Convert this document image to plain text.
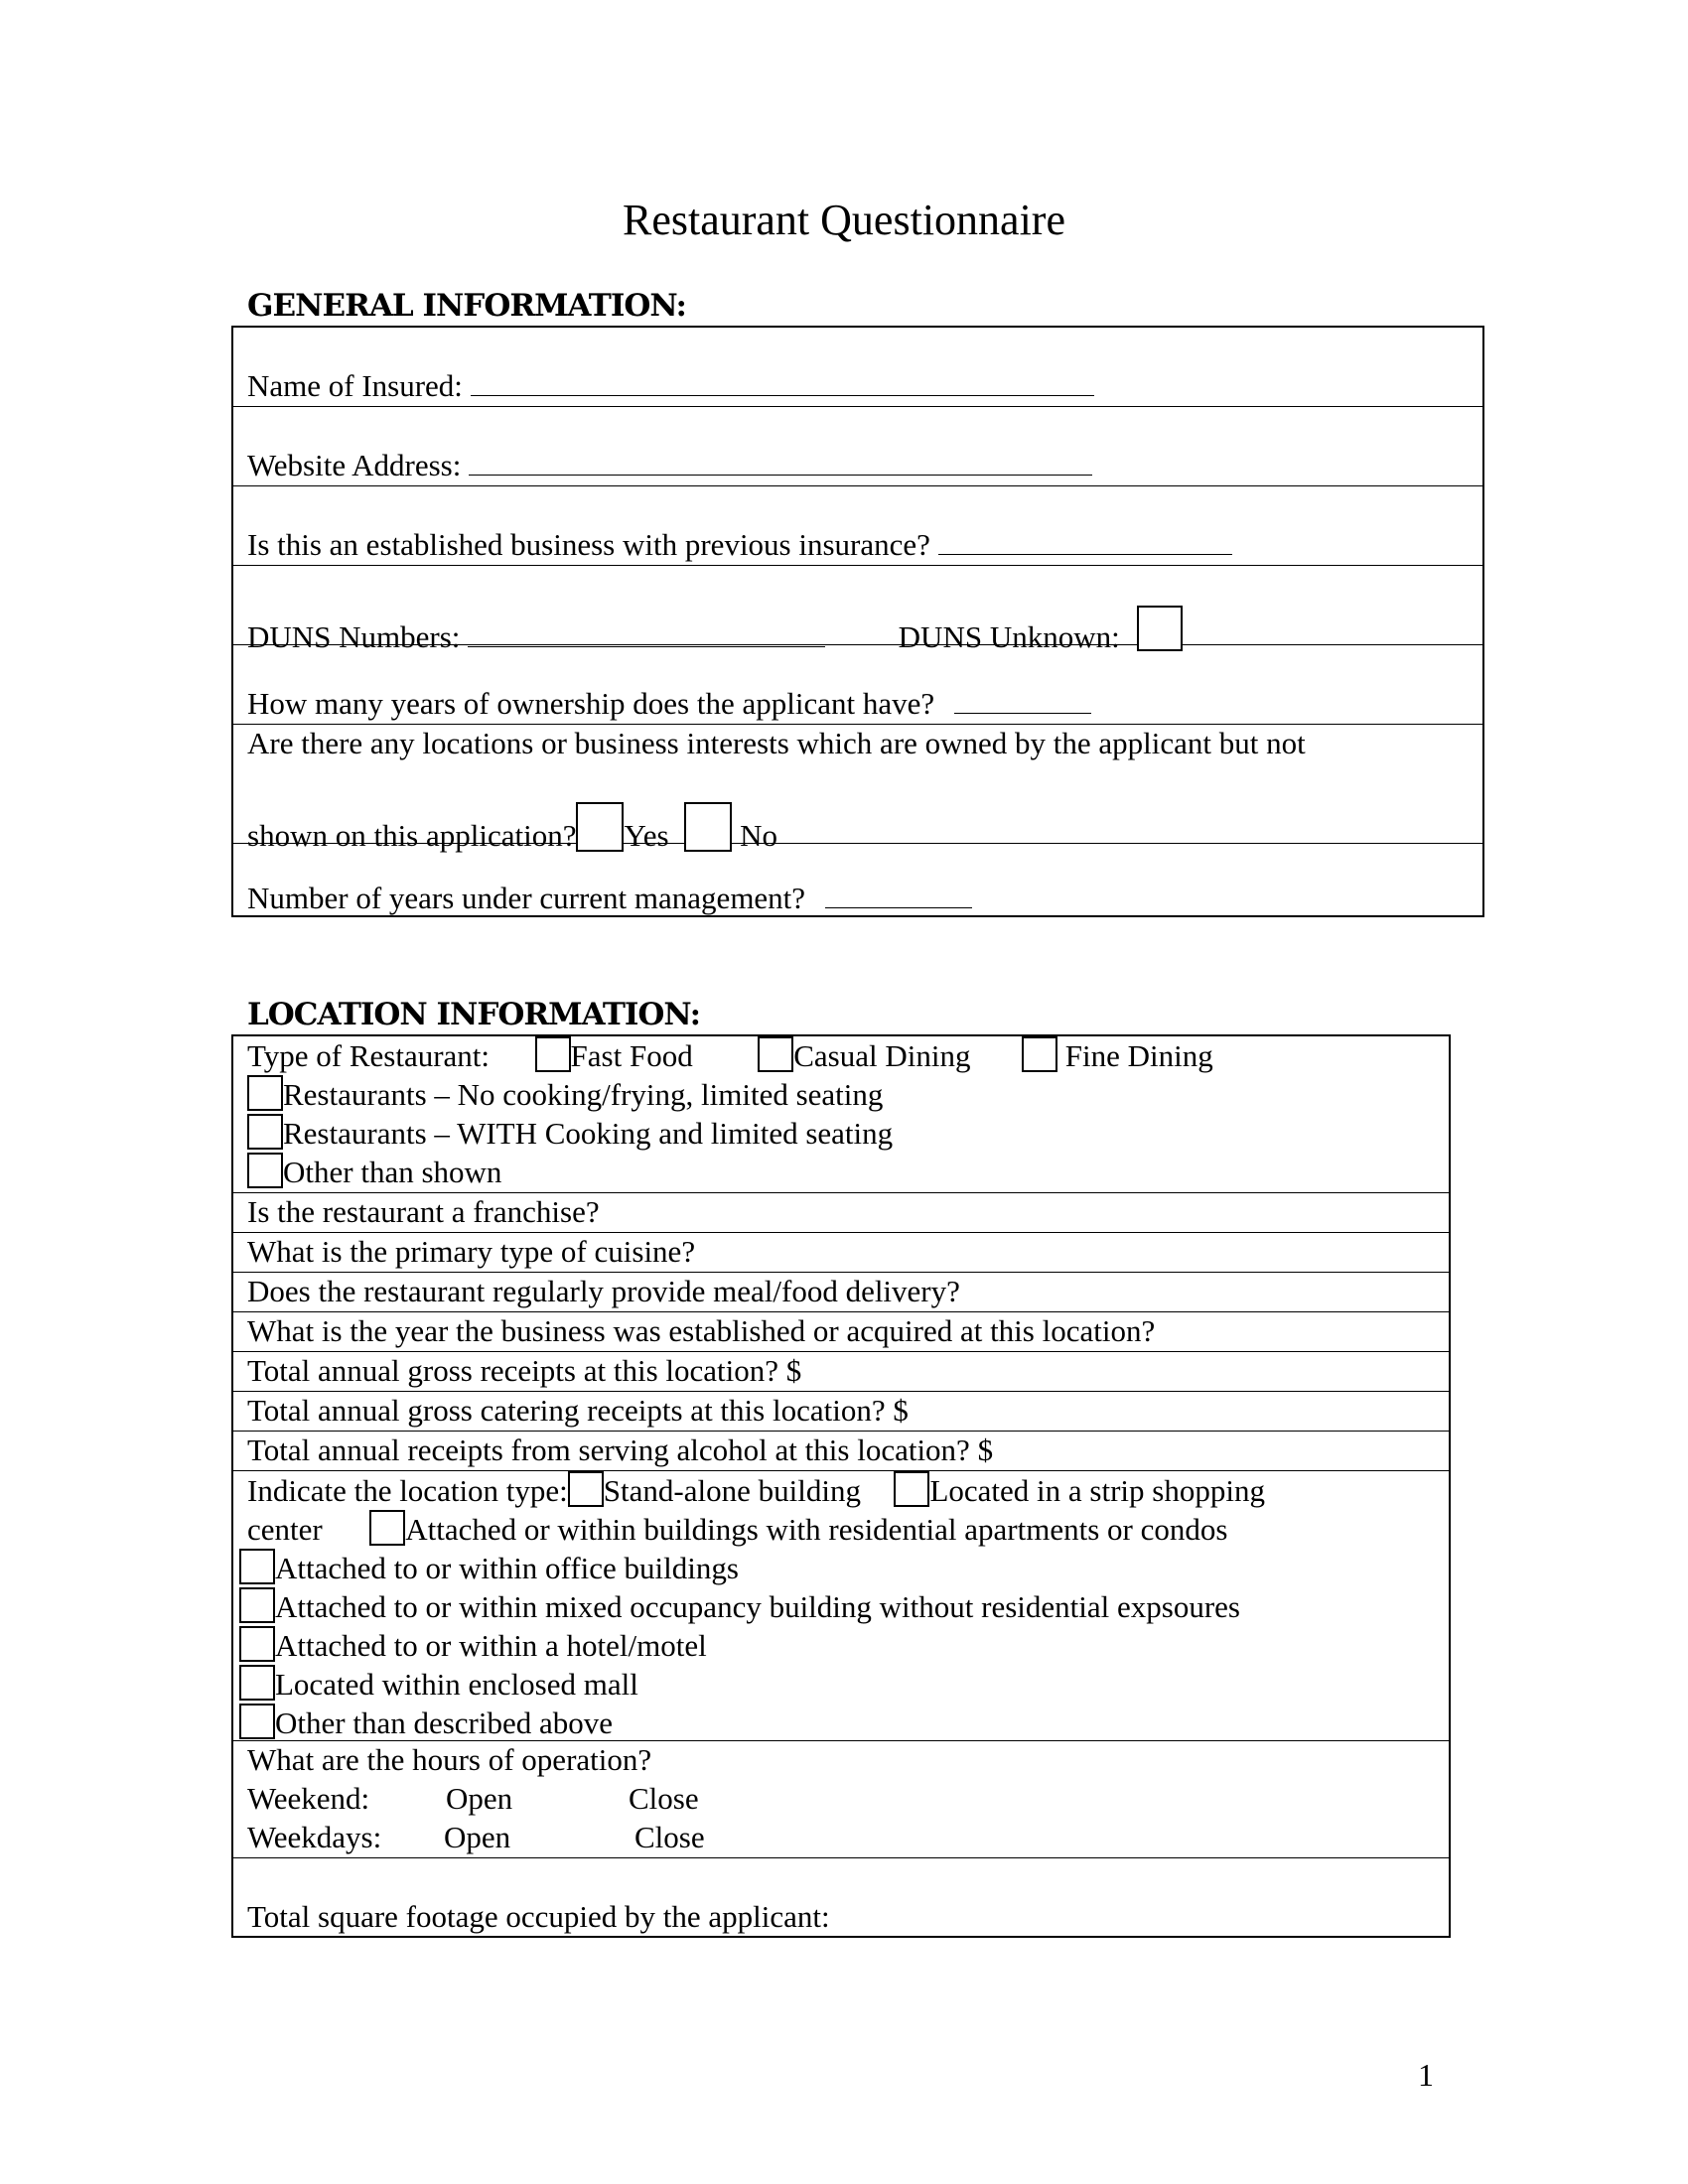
Restaurant Questionnaire
GENERAL INFORMATION:
Name of Insured:
Website Address:
Is this an established business with previous insurance?
DUNS Numbers:	DUNS Unknown:
How many years of ownership does the applicant have?
Are there any locations or business interests which are owned by the applicant but not
shown on this application? Yes No
Number of years under current management?
LOCATION INFORMATION:
Type of Restaurant:	Fast Food	Casual Dining	Fine Dining
Restaurants – No cooking/frying, limited seating
Restaurants – WITH Cooking and limited seating
Other than shown
Is the restaurant a franchise?
What is the primary type of cuisine?
Does the restaurant regularly provide meal/food delivery?
What is the year the business was established or acquired at this location?
Total annual gross receipts at this location? $
Total annual gross catering receipts at this location? $
Total annual receipts from serving alcohol at this location? $
Indicate the location type: Stand-alone building Located in a strip shopping
center	Attached or within buildings with residential apartments or condos
Attached to or within office buildings
Attached to or within mixed occupancy building without residential expsoures
Attached to or within a hotel/motel
Located within enclosed mall
Other than described above
What are the hours of operation?
Weekend: Open	Close
Weekdays: Open	Close
Total square footage occupied by the applicant:
1
